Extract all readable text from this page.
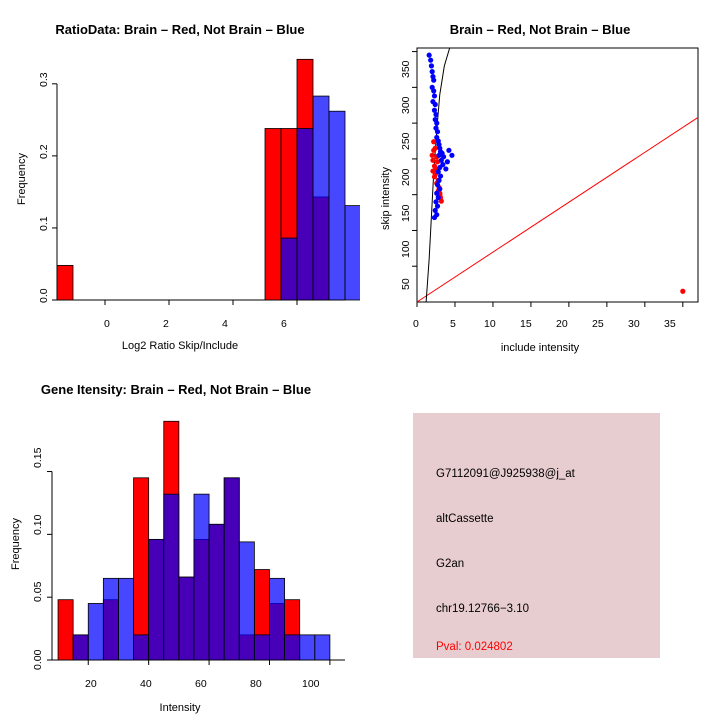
RatioData: Brain – Red, Not Brain – Blue
Frequency
0.0
0.1
0.2
0.3
0	2	4	6
Log2 Ratio Skip/Include
Brain – Red, Not Brain – Blue
skip intensity
50
100
150
200
250
300
350
0	5	10 15 20 25 30 35
include intensity
Gene Itensity: Brain – Red, Not Brain – Blue
Frequency
0.00
0.05
0.10
0.15
20	40	60	80	100
Intensity
G7112091@J925938@j_at
altCassette
G2an
chr19.12766−3.10
Pval: 0.024802
